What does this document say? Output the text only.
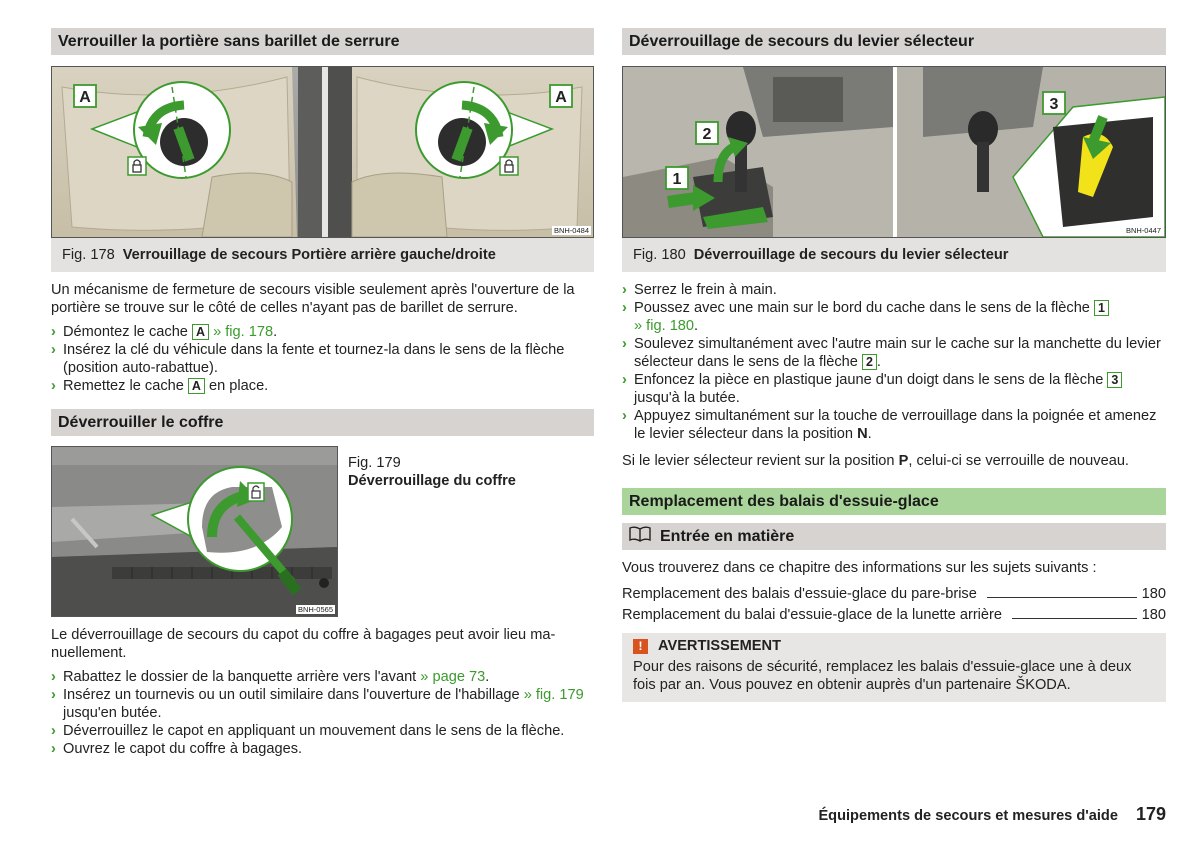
Verrouiller la portière sans barillet de serrure
A	A
BNH-0484
Fig. 178 Verrouillage de secours Portière arrière gauche/droite

Un mécanisme de fermeture de secours visible seulement après l'ouverture de la portière se trouve sur le côté de celles n'ayant pas de barillet de serrure.

› Démontez le cache A » fig. 178.
› Insérez la clé du véhicule dans la fente et tournez-la dans le sens de la flèche (position auto-rabattue).
› Remettez le cache A en place.
Déverrouiller le coffre
BNH-0565
Fig. 179
Déverrouillage du coffre

Le déverrouillage de secours du capot du coffre à bagages peut avoir lieu ma-nuellement.

› Rabattez le dossier de la banquette arrière vers l'avant » page 73.
› Insérez un tournevis ou un outil similaire dans l'ouverture de l'habillage » fig. 179 jusqu'en butée.
› Déverrouillez le capot en appliquant un mouvement dans le sens de la flèche.
› Ouvrez le capot du coffre à bagages.
Déverrouillage de secours du levier sélecteur
1
2
3
BNH-0447
Fig. 180 Déverrouillage de secours du levier sélecteur
› Serrez le frein à main.
› Poussez avec une main sur le bord du cache dans le sens de la flèche 1
» fig. 180.
› Soulevez simultanément avec l'autre main sur le cache sur la manchette du levier sélecteur dans le sens de la flèche 2 .
› Enfoncez la pièce en plastique jaune d'un doigt dans le sens de la flèche 3 jusqu'à la butée.
› Appuyez simultanément sur la touche de verrouillage dans la poignée et amenez le levier sélecteur dans la position N.

Si le levier sélecteur revient sur la position P, celui-ci se verrouille de nouveau.

Remplacement des balais d'essuie-glace
Entrée en matière

Vous trouverez dans ce chapitre des informations sur les sujets suivants :

Remplacement des balais d'essuie-glace du pare-brise	180
Remplacement du balai d'essuie-glace de la lunette arrière	180
!	AVERTISSEMENT

Pour des raisons de sécurité, remplacez les balais d'essuie-glace une à deux fois par an. Vous pouvez en obtenir auprès d'un partenaire ŠKODA.

Équipements de secours et mesures d'aide 179
